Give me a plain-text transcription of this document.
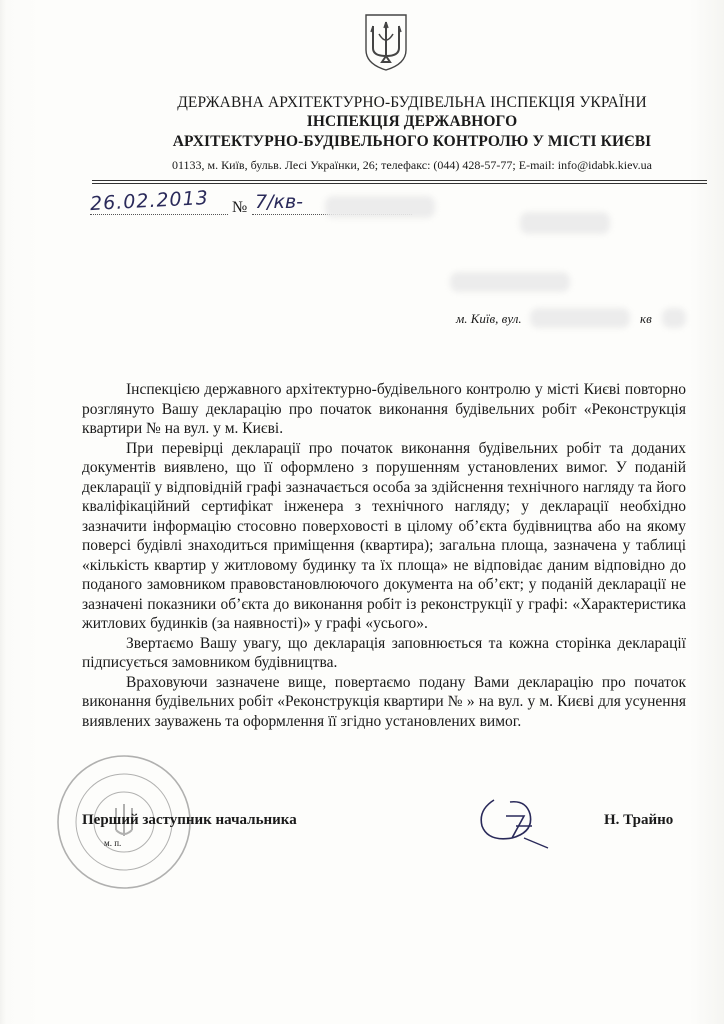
ДЕРЖАВНА АРХІТЕКТУРНО-БУДІВЕЛЬНА ІНСПЕКЦІЯ УКРАЇНИ
ІНСПЕКЦІЯ ДЕРЖАВНОГО
АРХІТЕКТУРНО-БУДІВЕЛЬНОГО КОНТРОЛЮ У МІСТІ КИЄВІ
01133, м. Київ, бульв. Лесі Українки, 26; телефакс: (044) 428-57-77; E-mail: info@idabk.kiev.ua
26.02.2013 № 7/кв-
м. Київ, вул.	кв

Інспекцією державного архітектурно-будівельного контролю у місті Києві повторно розглянуто Вашу декларацію про початок виконання будівельних робіт «Реконструкція квартири № на вул. у м. Києві.

При перевірці декларації про початок виконання будівельних робіт та доданих документів виявлено, що її оформлено з порушенням установлених вимог. У поданій декларації у відповідній графі зазначається особа за здійснення технічного нагляду та його кваліфікаційний сертифікат інженера з технічного нагляду; у декларації необхідно зазначити інформацію стосовно поверховості в цілому об’єкта будівництва або на якому поверсі будівлі знаходиться приміщення (квартира); загальна площа, зазначена у таблиці «кількість квартир у житловому будинку та їх площа» не відповідає даним відповідно до поданого замовником правовстановлюючого документа на об’єкт; у поданій декларації не зазначені показники об’єкта до виконання робіт із реконструкції у графі: «Характеристика житлових будинків (за наявності)» у графі «усього».

Звертаємо Вашу увагу, що декларація заповнюється та кожна сторінка декларації підписується замовником будівництва.

Враховуючи зазначене вище, повертаємо подану Вами декларацію про початок виконання будівельних робіт «Реконструкція квартири № » на вул. у м. Києві для усунення виявлених зауважень та оформлення її згідно установлених вимог.

Перший заступник начальника
м. п.
Н. Трайно
